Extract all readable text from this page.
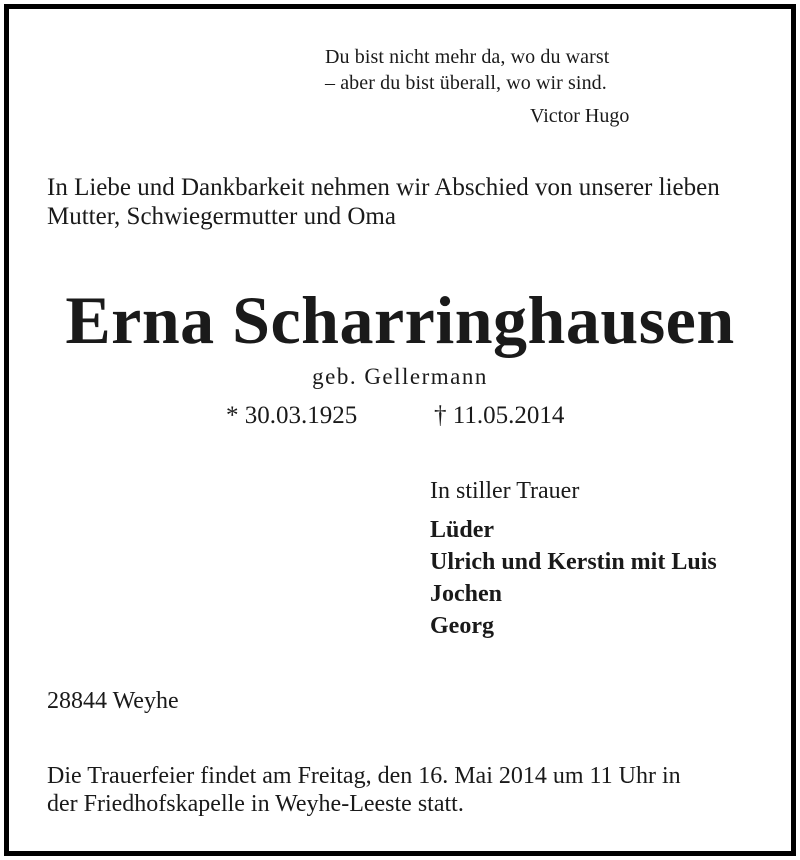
Du bist nicht mehr da, wo du warst
– aber du bist überall, wo wir sind.
Victor Hugo
In Liebe und Dankbarkeit nehmen wir Abschied von unserer lieben
Mutter, Schwiegermutter und Oma
Erna Scharringhausen
geb. Gellermann
* 30.03.1925	† 11.05.2014
In stiller Trauer
Lüder
Ulrich und Kerstin mit Luis
Jochen
Georg
28844 Weyhe
Die Trauerfeier findet am Freitag, den 16. Mai 2014 um 11 Uhr in
der Friedhofskapelle in Weyhe-Leeste statt.
